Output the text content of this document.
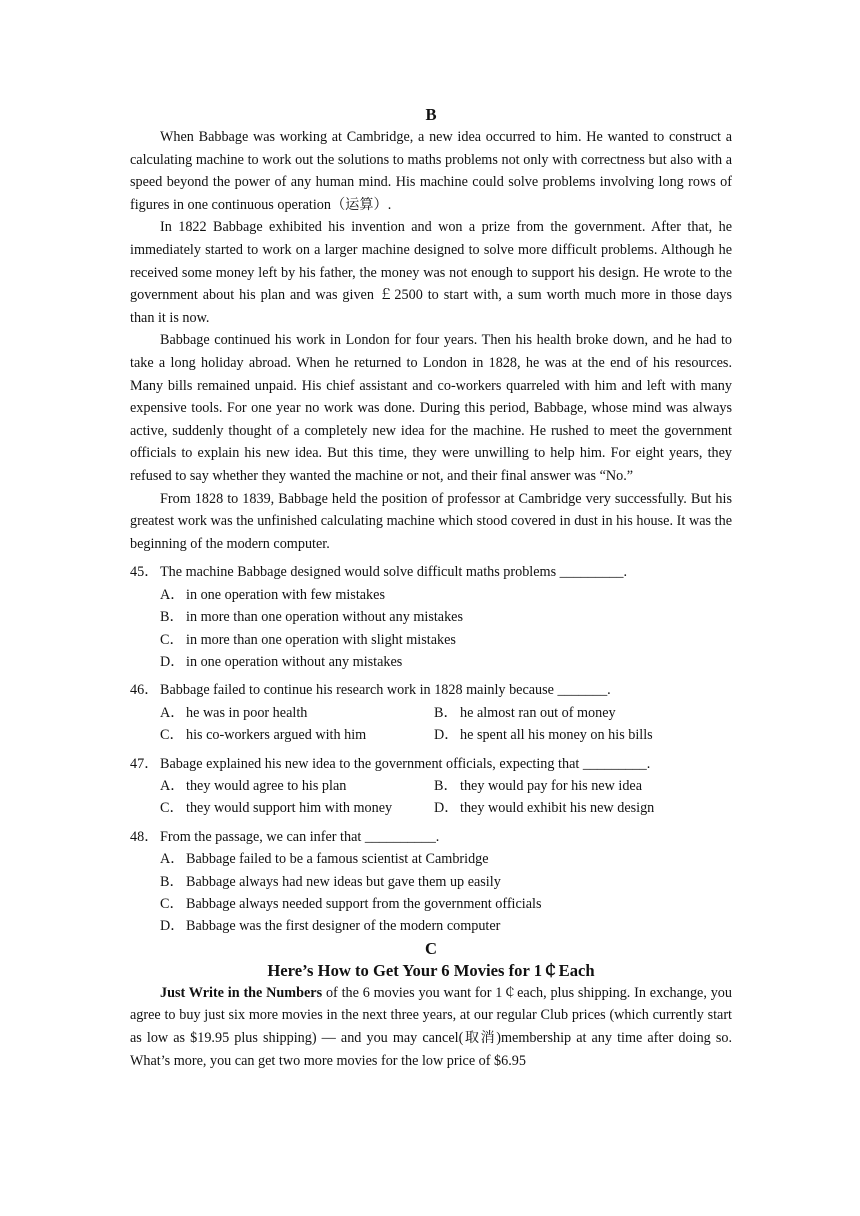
B

When Babbage was working at Cambridge, a new idea occurred to him. He wanted to construct a calculating machine to work out the solutions to maths problems not only with correctness but also with a speed beyond the power of any human mind. His machine could solve problems involving long rows of figures in one continuous operation（运算）.

In 1822 Babbage exhibited his invention and won a prize from the government. After that, he immediately started to work on a larger machine designed to solve more difficult problems. Although he received some money left by his father, the money was not enough to support his design. He wrote to the government about his plan and was given ￡2500 to start with, a sum worth much more in those days than it is now.

Babbage continued his work in London for four years. Then his health broke down, and he had to take a long holiday abroad. When he returned to London in 1828, he was at the end of his resources. Many bills remained unpaid. His chief assistant and co-workers quarreled with him and left with many expensive tools. For one year no work was done. During this period, Babbage, whose mind was always active, suddenly thought of a completely new idea for the machine. He rushed to meet the government officials to explain his new idea. But this time, they were unwilling to help him. For eight years, they refused to say whether they wanted the machine or not, and their final answer was “No.”

From 1828 to 1839, Babbage held the position of professor at Cambridge very successfully. But his greatest work was the unfinished calculating machine which stood covered in dust in his house. It was the beginning of the modern computer.

45． The machine Babbage designed would solve difficult maths problems _________.

A． in one operation with few mistakes

B． in more than one operation without any mistakes

C． in more than one operation with slight mistakes

D． in one operation without any mistakes

46． Babbage failed to continue his research work in 1828 mainly because _______.

A． he was in poor health	B． he almost ran out of money

C． his co-workers argued with him	D． he spent all his money on his bills

47． Babage explained his new idea to the government officials, expecting that _________.

A． they would agree to his plan	B． they would pay for his new idea

C． they would support him with money	D． they would exhibit his new design

48． From the passage, we can infer that __________.

A． Babbage failed to be a famous scientist at Cambridge

B． Babbage always had new ideas but gave them up easily

C． Babbage always needed support from the government officials

D． Babbage was the first designer of the modern computer

C
Here’s How to Get Your 6 Movies for 1￠Each

Just Write in the Numbers of the 6 movies you want for 1￠each, plus shipping. In exchange, you agree to buy just six more movies in the next three years, at our regular Club prices (which currently start as low as $19.95 plus shipping) — and you may cancel(取消)membership at any time after doing so. What’s more, you can get two more movies for the low price of $6.95
